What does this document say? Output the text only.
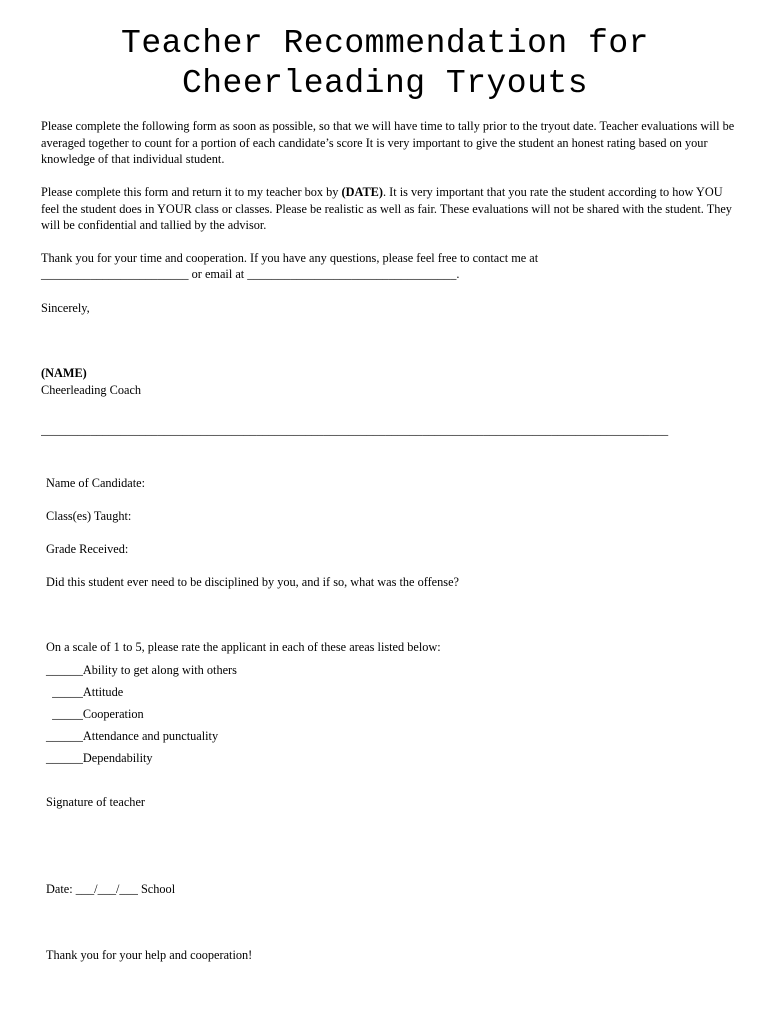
Teacher Recommendation for
Cheerleading Tryouts

Please complete the following form as soon as possible, so that we will have time to tally prior to the tryout date. Teacher evaluations will be averaged together to count for a portion of each candidate’s score It is very important to give the student an honest rating based on your knowledge of that individual student.

Please complete this form and return it to my teacher box by (DATE). It is very important that you rate the student according to how YOU feel the student does in YOUR class or classes. Please be realistic as well as fair. These evaluations will not be shared with the student. They will be confidential and tallied by the advisor.

Thank you for your time and cooperation. If you have any questions, please feel free to contact me at
________________________ or email at __________________________________.
Sincerely,
(NAME)
Cheerleading Coach
______________________________________________________________________________________________________
Name of Candidate:
Class(es) Taught:
Grade Received:
Did this student ever need to be disciplined by you, and if so, what was the offense?
On a scale of 1 to 5, please rate the applicant in each of these areas listed below:
______Ability to get along with others
_____Attitude
_____Cooperation
______Attendance and punctuality
______Dependability
Signature of teacher
Date: ___/___/___ School
Thank you for your help and cooperation!
